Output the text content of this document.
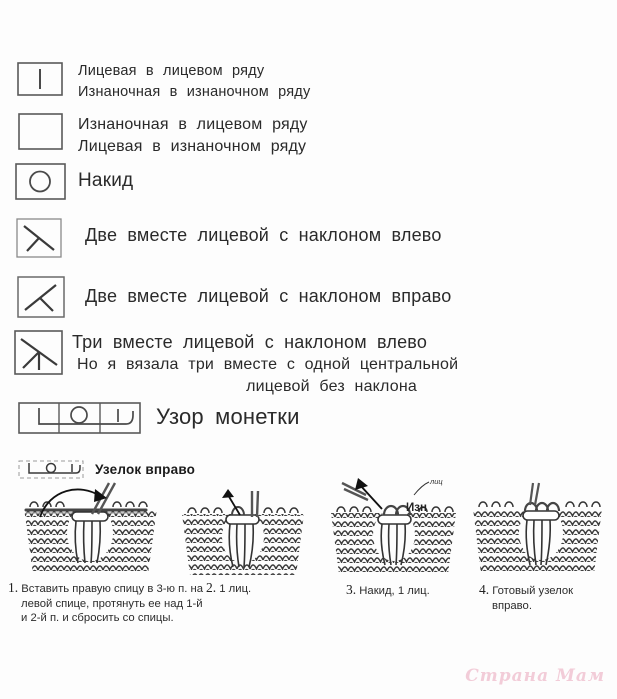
Лицевая в лицевом ряду
Изнаночная в изнаночном ряду
Изнаночная в лицевом ряду
Лицевая в изнаночном ряду
Накид
Две вместе лицевой с наклоном влево
Две вместе лицевой с наклоном вправо
Три вместе лицевой с наклоном влево
Но я вязала три вместе с одной центральной
лицевой без наклона
Узор монетки
Узелок вправо
лиц
Изн
1. Вставить правую спицу в 3-ю п. на левой спице, протянуть ее над 1-й и 2-й п. и сбросить со спицы.
2. 1 лиц.	3. Накид, 1 лиц.	4. Готовый узелок вправо.
Страна Мам
